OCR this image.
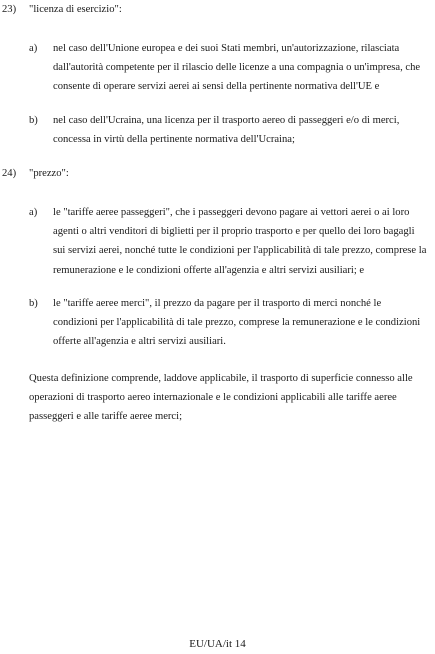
23) "licenza di esercizio":
a) nel caso dell'Unione europea e dei suoi Stati membri, un'autorizzazione, rilasciata
dall'autorità competente per il rilascio delle licenze a una compagnia o un'impresa, che
consente di operare servizi aerei ai sensi della pertinente normativa dell'UE e
b) nel caso dell'Ucraina, una licenza per il trasporto aereo di passeggeri e/o di merci,
concessa in virtù della pertinente normativa dell'Ucraina;
24) "prezzo":
a) le "tariffe aeree passeggeri", che i passeggeri devono pagare ai vettori aerei o ai loro
agenti o altri venditori di biglietti per il proprio trasporto e per quello dei loro bagagli
sui servizi aerei, nonché tutte le condizioni per l'applicabilità di tale prezzo, comprese la
remunerazione e le condizioni offerte all'agenzia e altri servizi ausiliari; e
b) le "tariffe aeree merci", il prezzo da pagare per il trasporto di merci nonché le
condizioni per l'applicabilità di tale prezzo, comprese la remunerazione e le condizioni
offerte all'agenzia e altri servizi ausiliari.
Questa definizione comprende, laddove applicabile, il trasporto di superficie connesso alle
operazioni di trasporto aereo internazionale e le condizioni applicabili alle tariffe aeree
passeggeri e alle tariffe aeree merci;
EU/UA/it 14
